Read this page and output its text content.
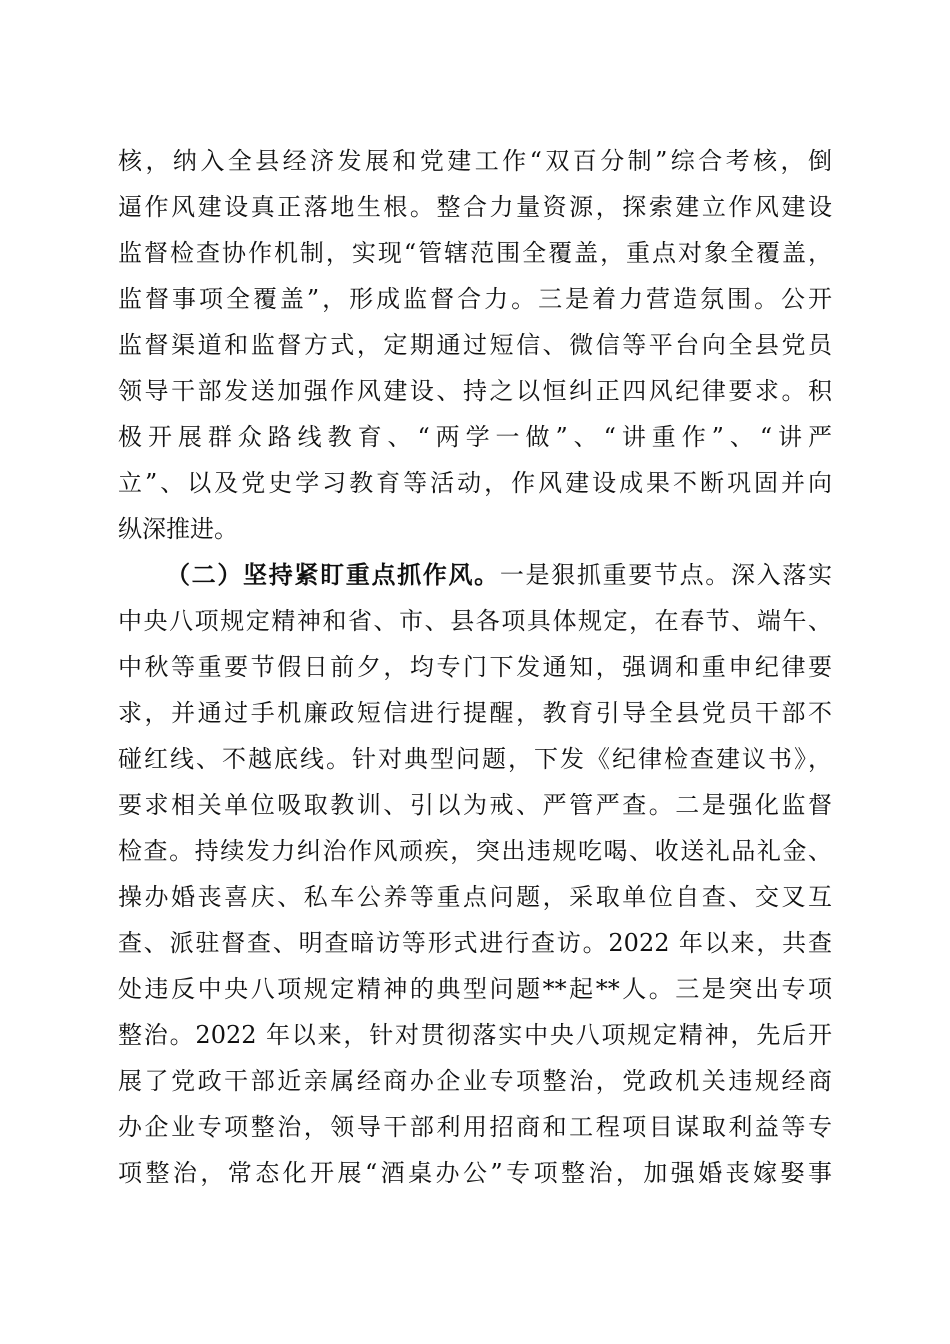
核，纳入全县经济发展和党建工作“双百分制”综合考核，倒
逼作风建设真正落地生根。整合力量资源，探索建立作风建设
监督检查协作机制，实现“管辖范围全覆盖，重点对象全覆盖，
监督事项全覆盖”，形成监督合力。三是着力营造氛围。公开
监督渠道和监督方式，定期通过短信、微信等平台向全县党员
领导干部发送加强作风建设、持之以恒纠正四风纪律要求。积
极开展群众路线教育、“两学一做”、“讲重作”、“讲严
立”、以及党史学习教育等活动，作风建设成果不断巩固并向
纵深推进。
（二）坚持紧盯重点抓作风。一是狠抓重要节点。深入落实
中央八项规定精神和省、市、县各项具体规定，在春节、端午、
中秋等重要节假日前夕，均专门下发通知，强调和重申纪律要
求，并通过手机廉政短信进行提醒，教育引导全县党员干部不
碰红线、不越底线。针对典型问题，下发《纪律检查建议书》，
要求相关单位吸取教训、引以为戒、严管严查。二是强化监督
检查。持续发力纠治作风顽疾，突出违规吃喝、收送礼品礼金、
操办婚丧喜庆、私车公养等重点问题，采取单位自查、交叉互
查、派驻督查、明查暗访等形式进行查访。2022 年以来，共查
处违反中央八项规定精神的典型问题**起**人。三是突出专项
整治。2022 年以来，针对贯彻落实中央八项规定精神，先后开
展了党政干部近亲属经商办企业专项整治，党政机关违规经商
办企业专项整治，领导干部利用招商和工程项目谋取利益等专
项整治，常态化开展“酒桌办公”专项整治，加强婚丧嫁娶事
